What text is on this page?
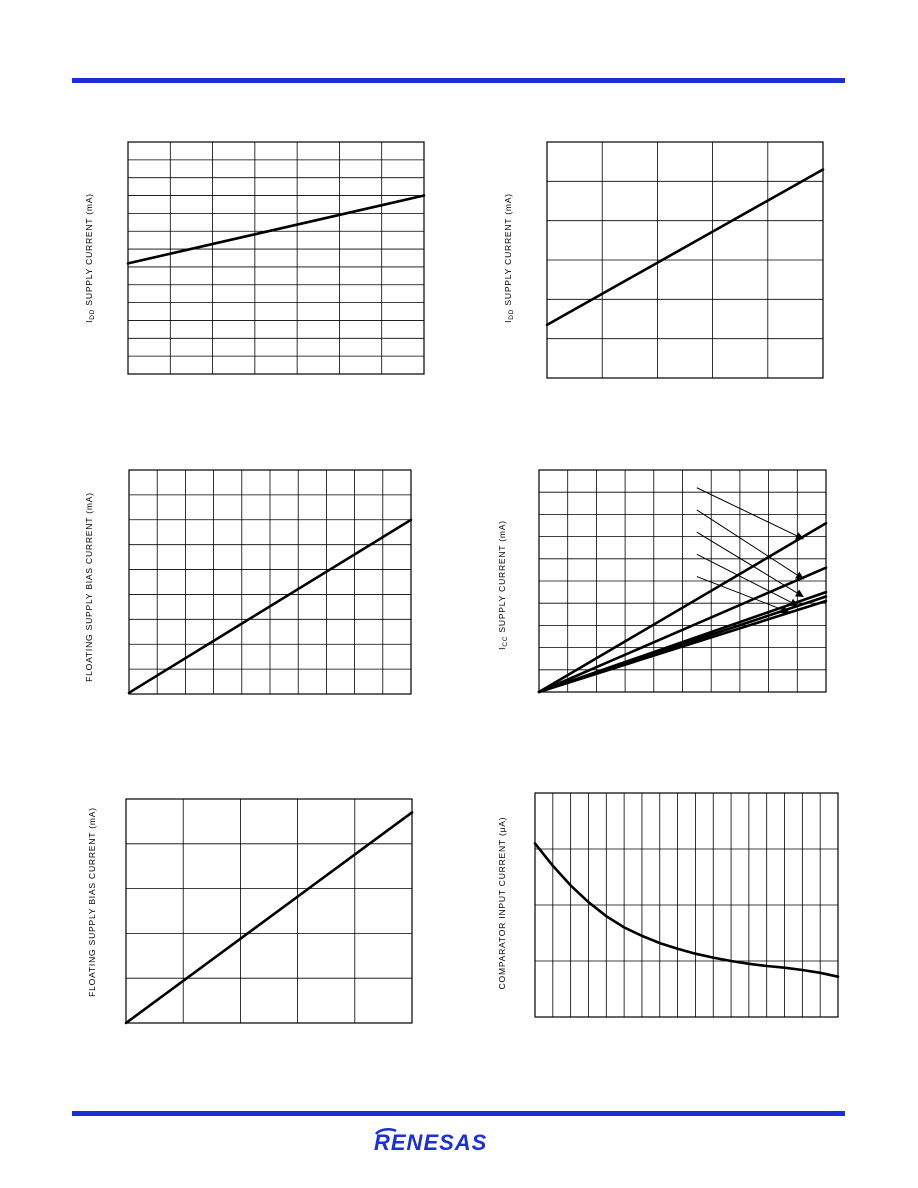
$I_{DD}$ SUPPLY CURRENT (mA)
$I_{DD}$ SUPPLY CURRENT (mA)
FLOATING SUPPLY BIAS CURRENT (mA)	$I_{CC}$ SUPPLY CURRENT (mA)
FLOATING SUPPLY BIAS CURRENT (mA)	COMPARATOR INPUT CURRENT (μA)
RENESAS
